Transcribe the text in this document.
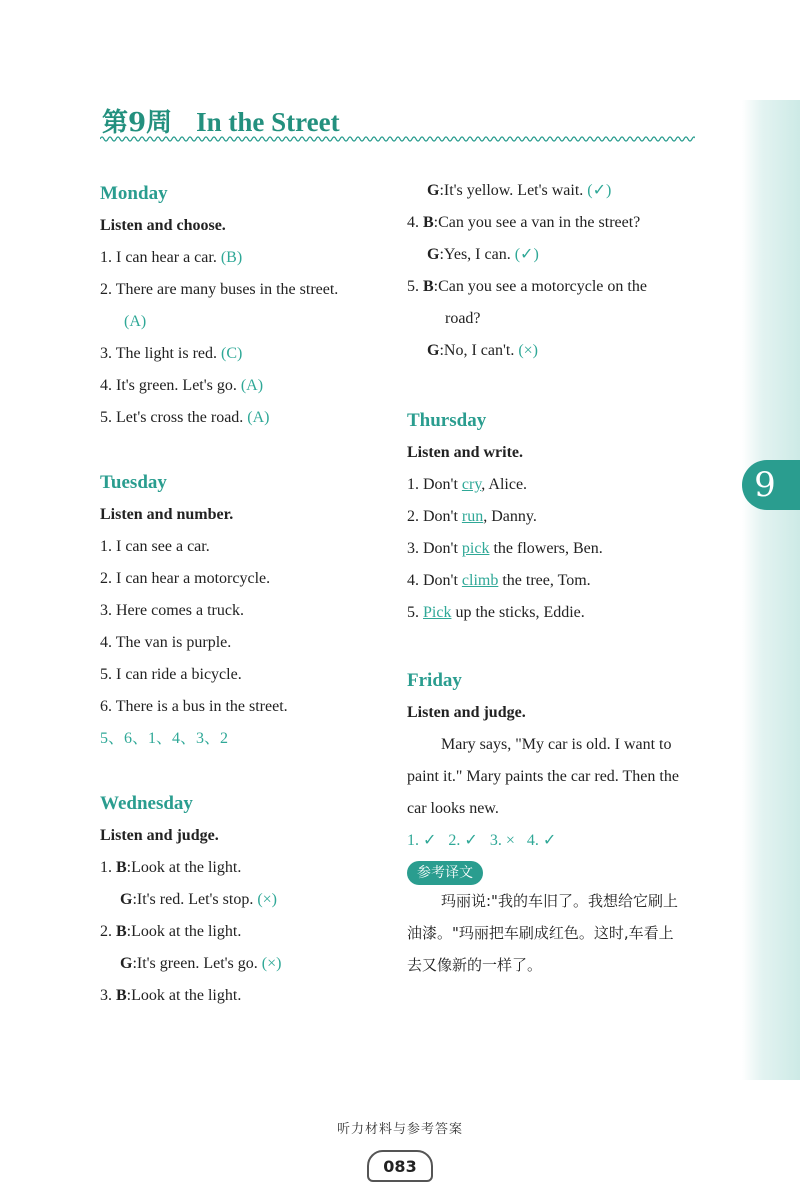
9
第9周 In the Street
Monday
Listen and choose.
1. I can hear a car. (B)
2. There are many buses in the street.
(A)
3. The light is red. (C)
4. It's green. Let's go. (A)
5. Let's cross the road. (A)
Tuesday
Listen and number.
1. I can see a car.
2. I can hear a motorcycle.
3. Here comes a truck.
4. The van is purple.
5. I can ride a bicycle.
6. There is a bus in the street.
5、6、1、4、3、2
Wednesday
Listen and judge.
1. B:Look at the light.
G:It's red. Let's stop. (×)
2. B:Look at the light.
G:It's green. Let's go. (×)
3. B:Look at the light.
G:It's yellow. Let's wait. (✓)
4. B:Can you see a van in the street?
G:Yes, I can. (✓)
5. B:Can you see a motorcycle on the
road?
G:No, I can't. (×)
Thursday
Listen and write.
1. Don't cry, Alice.
2. Don't run, Danny.
3. Don't pick the flowers, Ben.
4. Don't climb the tree, Tom.
5. Pick up the sticks, Eddie.
Friday
Listen and judge.
Mary says, "My car is old. I want to paint it." Mary paints the car red. Then the car looks new.
1. ✓   2. ✓   3. ×   4. ✓
参考译文
玛丽说:"我的车旧了。我想给它刷上油漆。"玛丽把车刷成红色。这时,车看上去又像新的一样了。
听力材料与参考答案
083
